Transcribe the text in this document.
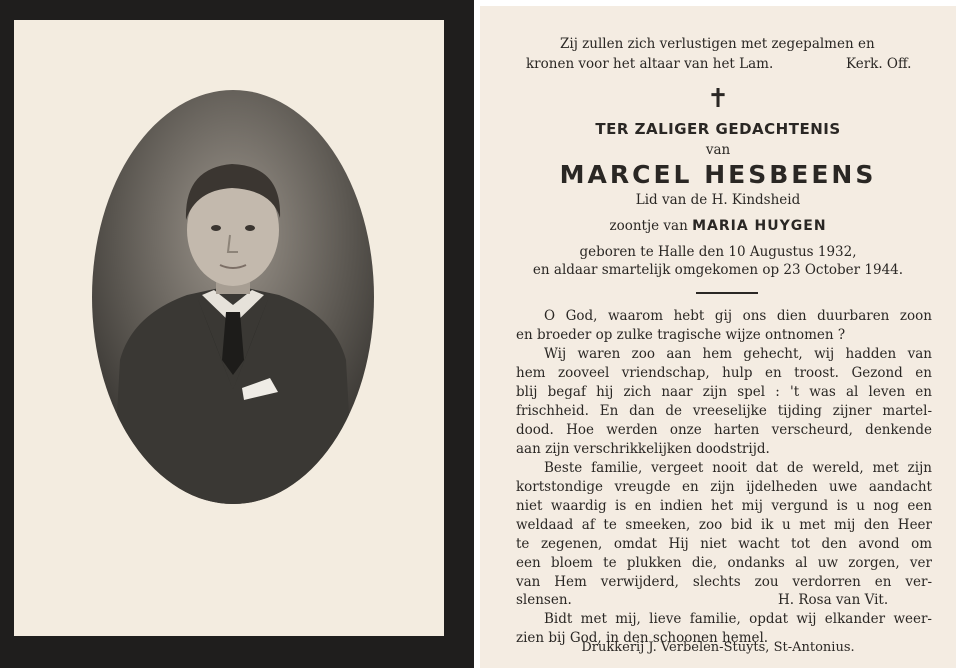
Zij zullen zich verlustigen met zegepalmen en
kronen voor het altaar van het Lam.	Kerk. Off.
✝
TER ZALIGER GEDACHTENIS
van
MARCEL HESBEENS
Lid van de H. Kindsheid
zoontje van MARIA HUYGEN
geboren te Halle den 10 Augustus 1932,
en aldaar smartelijk omgekomen op 23 October 1944.
O God, waarom hebt gij ons dien duurbaren zoon
en broeder op zulke tragische wijze ontnomen ?
Wij waren zoo aan hem gehecht, wij hadden van
hem zooveel vriendschap, hulp en troost. Gezond en
blij begaf hij zich naar zijn spel : 't was al leven en
frischheid. En dan de vreeselijke tijding zijner martel-
dood. Hoe werden onze harten verscheurd, denkende
aan zijn verschrikkelijken doodstrijd.
Beste familie, vergeet nooit dat de wereld, met zijn
kortstondige vreugde en zijn ijdelheden uwe aandacht
niet waardig is en indien het mij vergund is u nog een
weldaad af te smeeken, zoo bid ik u met mij den Heer
te zegenen, omdat Hij niet wacht tot den avond om
een bloem te plukken die, ondanks al uw zorgen, ver
van Hem verwijderd, slechts zou verdorren en ver-
slensen.	H. Rosa van Vit.
Bidt met mij, lieve familie, opdat wij elkander weer-
zien bij God, in den schoonen hemel.
Drukkerij J. Verbelen-Stuyts, St-Antonius.
